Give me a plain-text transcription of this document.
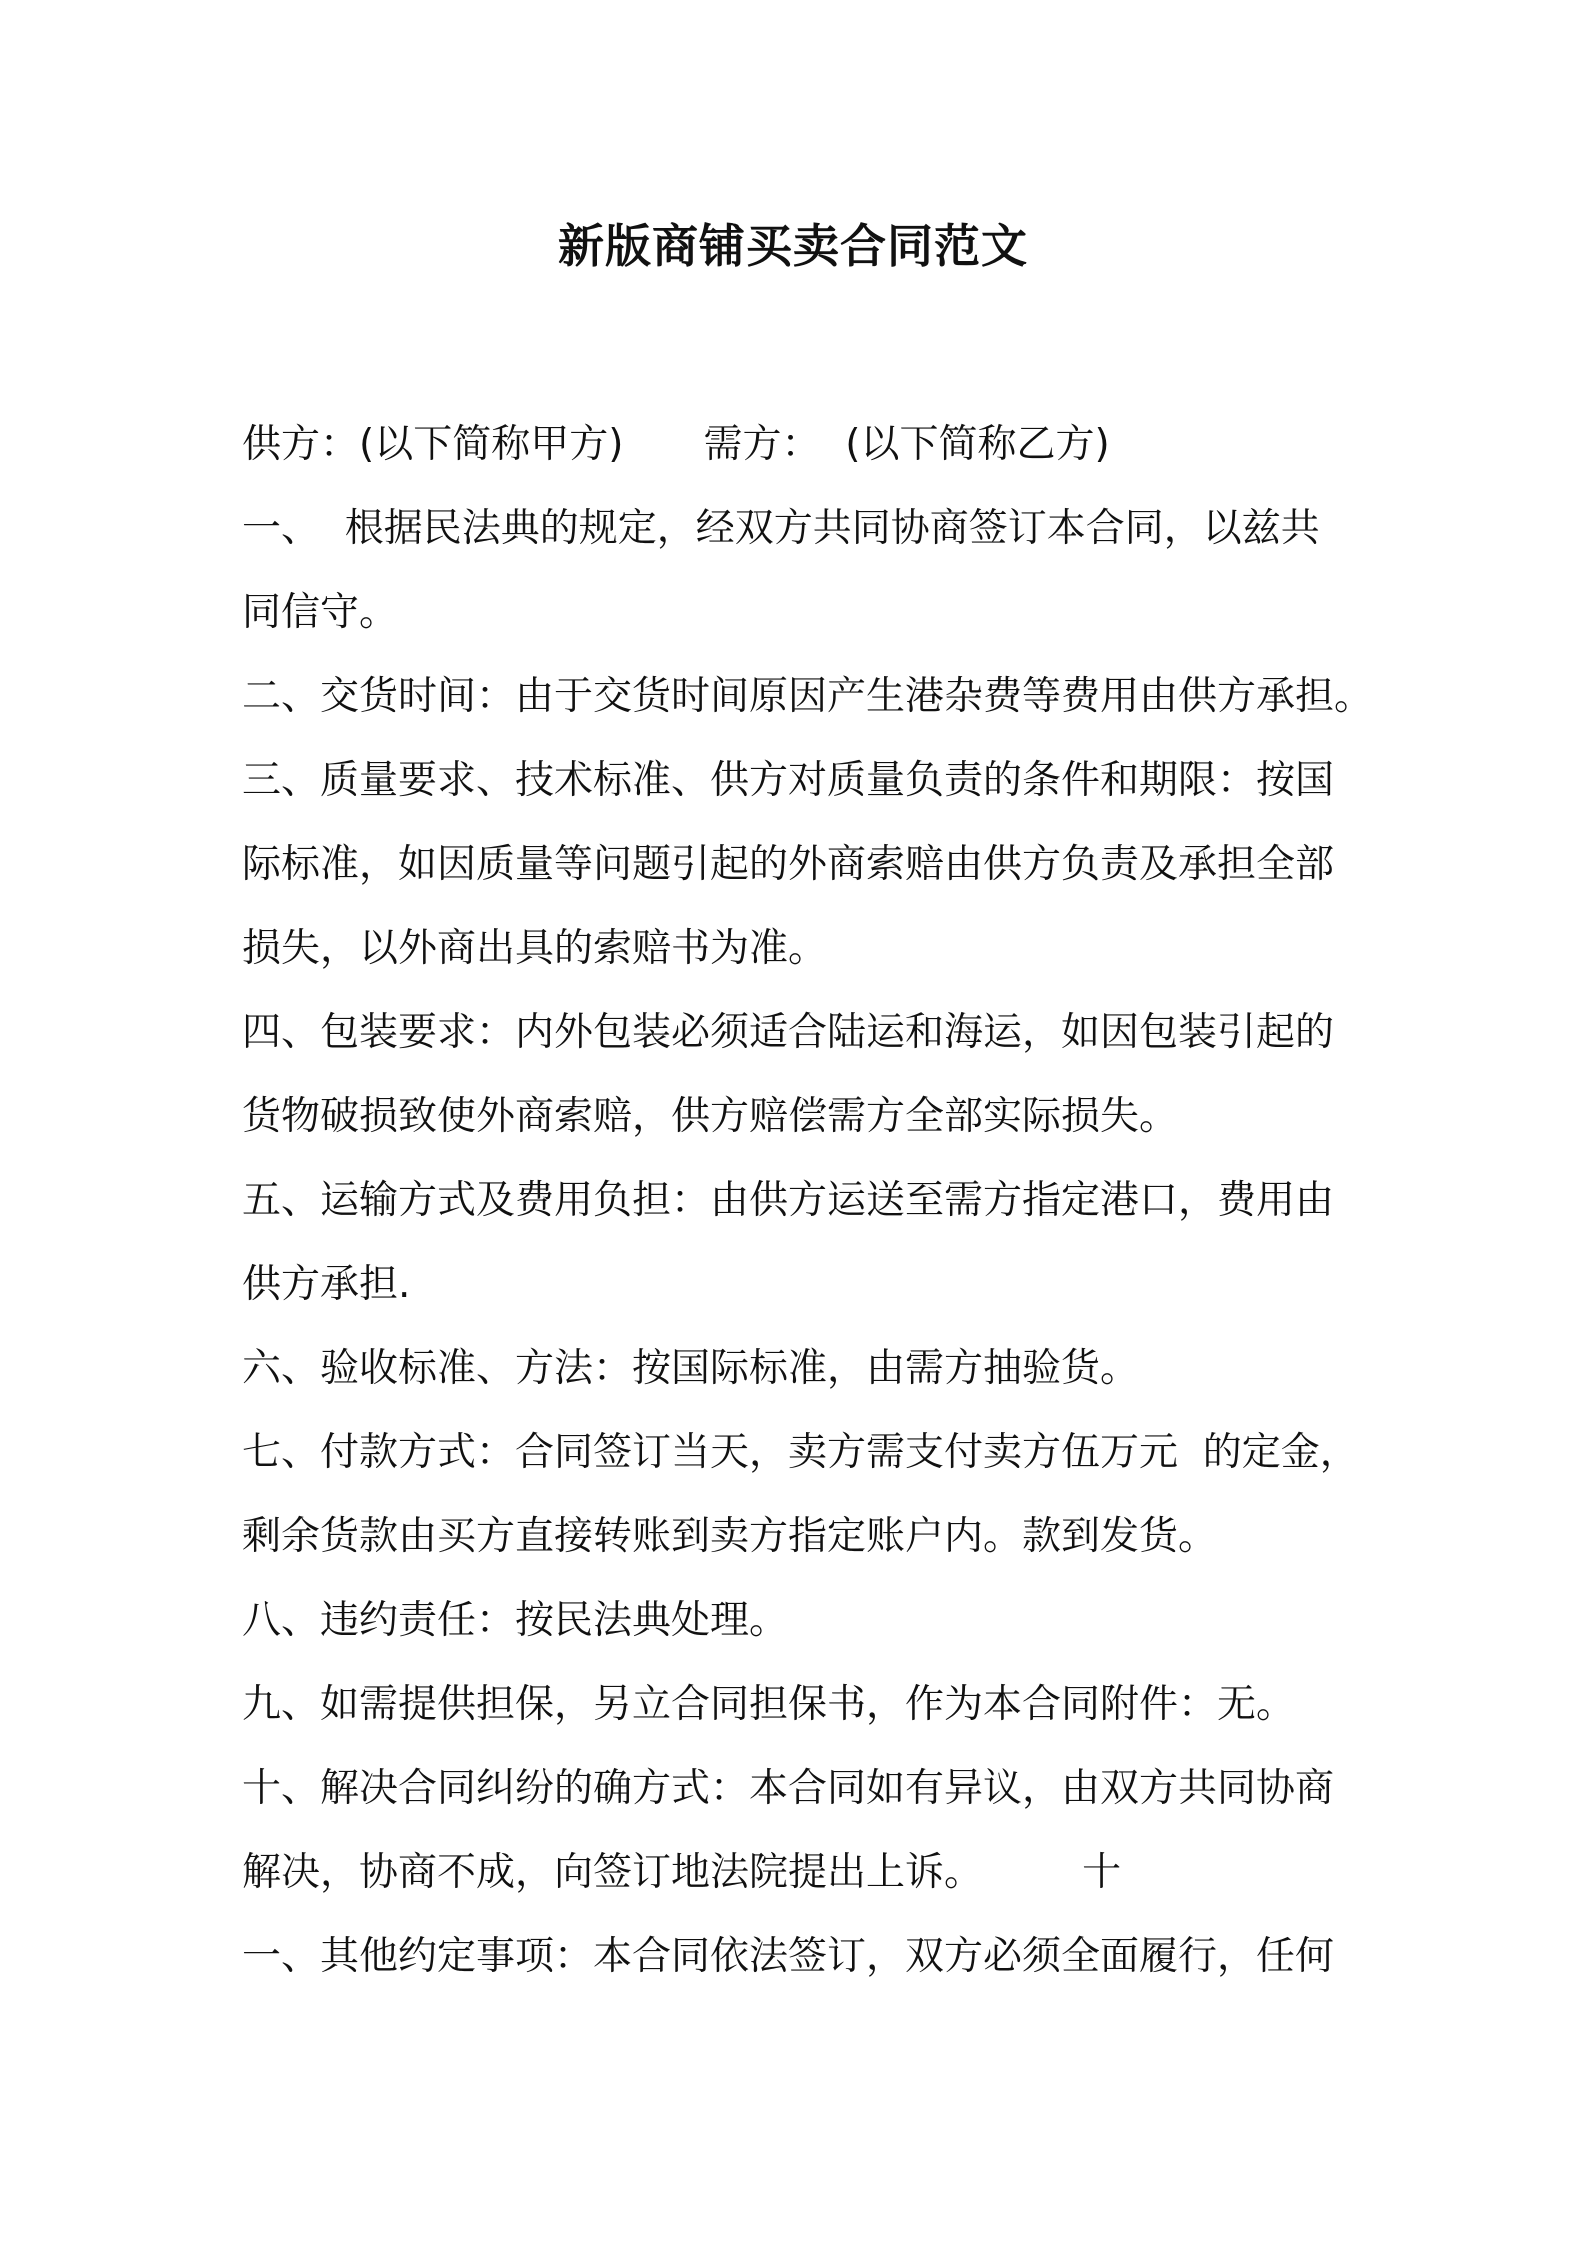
新版商铺买卖合同范文
供方：(以下简称甲方) 需方：  (以下简称乙方)
一、  根据民法典的规定，经双方共同协商签订本合同，以兹共
同信守。
二、交货时间：由于交货时间原因产生港杂费等费用由供方承担。
三、质量要求、技术标准、供方对质量负责的条件和期限：按国
际标准，如因质量等问题引起的外商索赔由供方负责及承担全部
损失，以外商出具的索赔书为准。
四、包装要求：内外包装必须适合陆运和海运，如因包装引起的
货物破损致使外商索赔，供方赔偿需方全部实际损失。
五、运输方式及费用负担：由供方运送至需方指定港口，费用由
供方承担.
六、验收标准、方法：按国际标准，由需方抽验货。
七、付款方式：合同签订当天，卖方需支付卖方伍万元  的定金，
剩余货款由买方直接转账到卖方指定账户内。款到发货。
八、违约责任：按民法典处理。
九、如需提供担保，另立合同担保书，作为本合同附件：无。
十、解决合同纠纷的确方式：本合同如有异议，由双方共同协商
解决，协商不成，向签订地法院提出上诉。        十
一、其他约定事项：本合同依法签订，双方必须全面履行，任何
